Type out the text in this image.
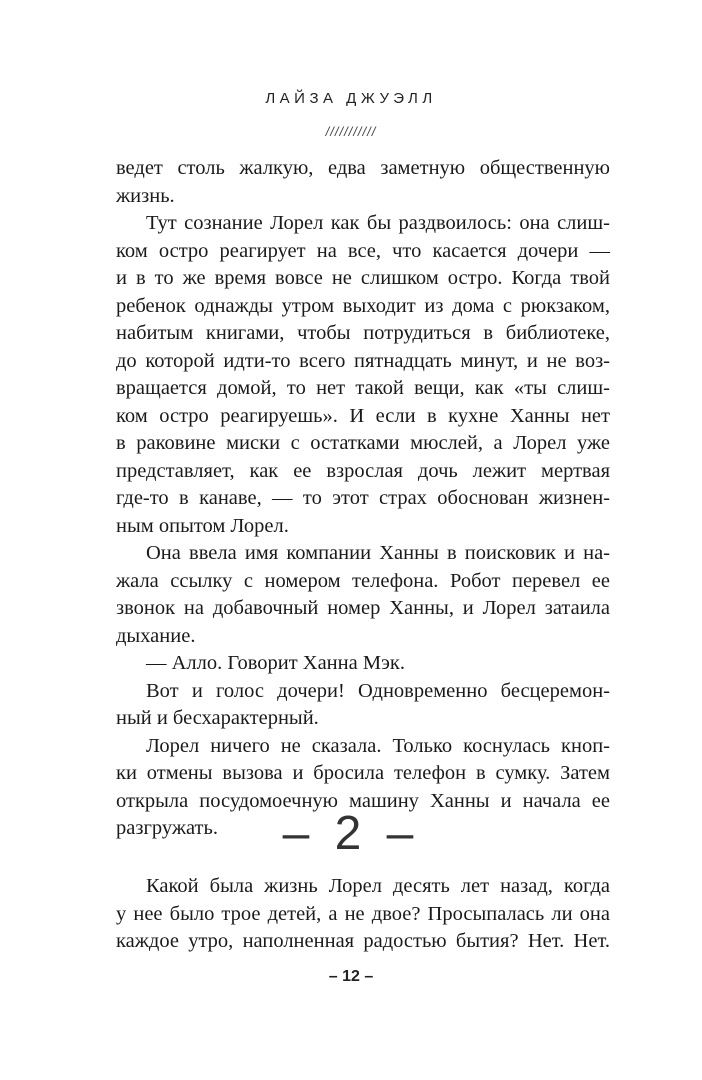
ЛАЙЗА ДЖУЭЛЛ
///////////
ведет столь жалкую, едва заметную общественную
жизнь.
Тут сознание Лорел как бы раздвоилось: она слиш-
ком остро реагирует на все, что касается дочери —
и в то же время вовсе не слишком остро. Когда твой
ребенок однажды утром выходит из дома с рюкзаком,
набитым книгами, чтобы потрудиться в библиотеке,
до которой идти-то всего пятнадцать минут, и не воз-
вращается домой, то нет такой вещи, как «ты слиш-
ком остро реагируешь». И если в кухне Ханны нет
в раковине миски с остатками мюслей, а Лорел уже
представляет, как ее взрослая дочь лежит мертвая
где-то в канаве, — то этот страх обоснован жизнен-
ным опытом Лорел.
Она ввела имя компании Ханны в поисковик и на-
жала ссылку с номером телефона. Робот перевел ее
звонок на добавочный номер Ханны, и Лорел затаила
дыхание.
— Алло. Говорит Ханна Мэк.
Вот и голос дочери! Одновременно бесцеремон-
ный и бесхарактерный.
Лорел ничего не сказала. Только коснулась кноп-
ки отмены вызова и бросила телефон в сумку. Затем
открыла посудомоечную машину Ханны и начала ее
разгружать.	– 2 –
Какой была жизнь Лорел десять лет назад, когда
у нее было трое детей, а не двое? Просыпалась ли она
каждое утро, наполненная радостью бытия? Нет. Нет.
– 12 –
